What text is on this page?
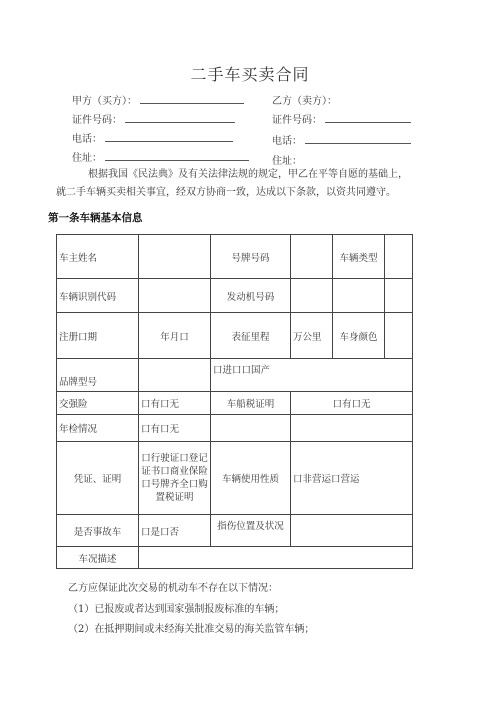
二手车买卖合同
甲方（买方）：	乙方（卖方）：
证件号码：	证件号码：
电话：	电话：
住址：	住址：
根据我国《民法典》及有关法律法规的规定，甲乙在平等自愿的基础上，
就二手车辆买卖相关事宜，经双方协商一致，达成以下条款，以资共同遵守。
第一条车辆基本信息
车主姓名		号牌号码		车辆类型	
车辆识别代码		发动机号码			
注册口期	年月口	表征里程	万公里	车身颜色	
品牌型号		口进口口国产			
交强险	口有口无	车船税证明	口有口无		
年检情况	口有口无				
凭证、证明	口行驶证口登记证书口商业保险口号牌齐全口购置税证明	车辆使用性质	口非营运口营运		
是否事故车	口是口否	指伤位置及状况			
车况描述					
乙方应保证此次交易的机动车不存在以下情况：
（1）已报废或者达到国家强制报废标准的车辆；
（2）在抵押期间或未经海关批准交易的海关监管车辆；
